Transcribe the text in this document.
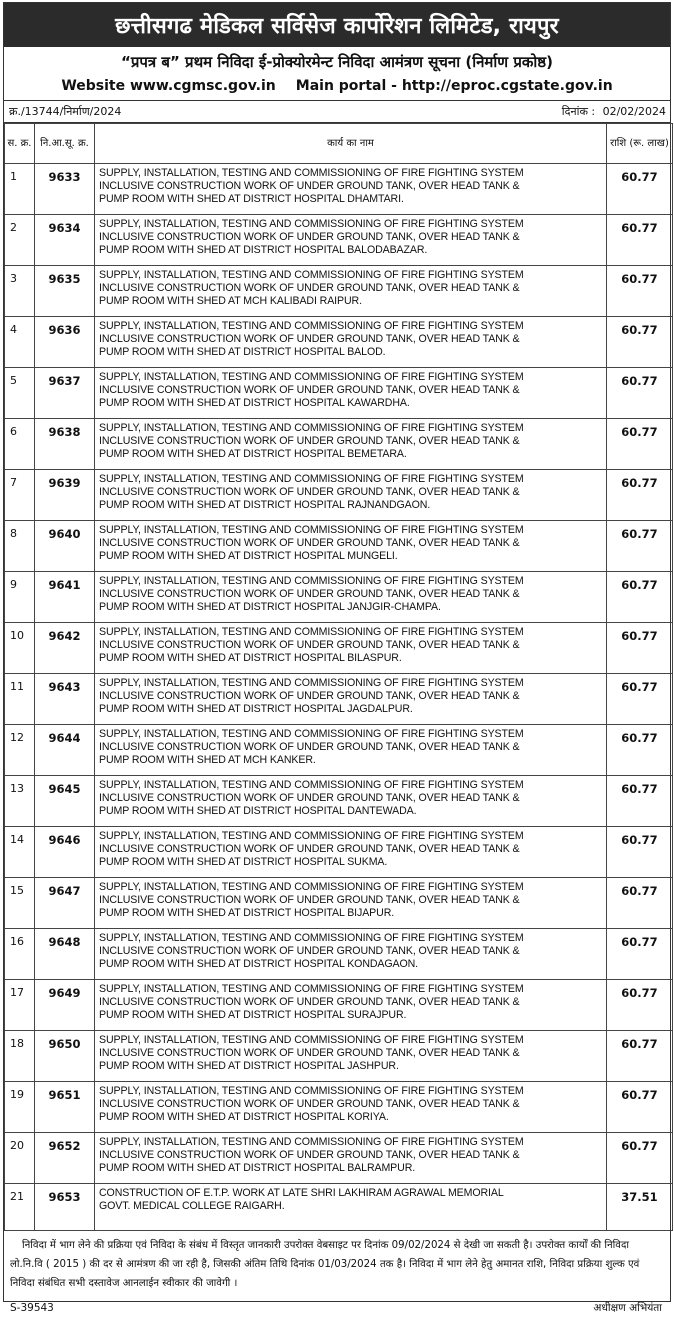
छत्तीसगढ मेडिकल सर्विसेज कार्पोरेशन लिमिटेड, रायपुर
“प्रपत्र ब” प्रथम निविदा ई-प्रोक्योरमेन्ट निविदा आमंत्रण सूचना (निर्माण प्रकोष्ठ)
Website www.cgmsc.gov.in Main portal - http://eproc.cgstate.gov.in
क्र./13744/निर्माण/2024	दिनांक : 02/02/2024
स. क्र.	नि.आ.सू. क्र.	कार्य का नाम	राशि (रू. लाख)
1	9633	SUPPLY, INSTALLATION, TESTING AND COMMISSIONING OF FIRE FIGHTING SYSTEM
INCLUSIVE CONSTRUCTION WORK OF UNDER GROUND TANK, OVER HEAD TANK &
PUMP ROOM WITH SHED AT DISTRICT HOSPITAL DHAMTARI.	60.77
2	9634	SUPPLY, INSTALLATION, TESTING AND COMMISSIONING OF FIRE FIGHTING SYSTEM
INCLUSIVE CONSTRUCTION WORK OF UNDER GROUND TANK, OVER HEAD TANK &
PUMP ROOM WITH SHED AT DISTRICT HOSPITAL BALODABAZAR.	60.77
3	9635	SUPPLY, INSTALLATION, TESTING AND COMMISSIONING OF FIRE FIGHTING SYSTEM
INCLUSIVE CONSTRUCTION WORK OF UNDER GROUND TANK, OVER HEAD TANK &
PUMP ROOM WITH SHED AT MCH KALIBADI RAIPUR.	60.77
4	9636	SUPPLY, INSTALLATION, TESTING AND COMMISSIONING OF FIRE FIGHTING SYSTEM
INCLUSIVE CONSTRUCTION WORK OF UNDER GROUND TANK, OVER HEAD TANK &
PUMP ROOM WITH SHED AT DISTRICT HOSPITAL BALOD.	60.77
5	9637	SUPPLY, INSTALLATION, TESTING AND COMMISSIONING OF FIRE FIGHTING SYSTEM
INCLUSIVE CONSTRUCTION WORK OF UNDER GROUND TANK, OVER HEAD TANK &
PUMP ROOM WITH SHED AT DISTRICT HOSPITAL KAWARDHA.	60.77
6	9638	SUPPLY, INSTALLATION, TESTING AND COMMISSIONING OF FIRE FIGHTING SYSTEM
INCLUSIVE CONSTRUCTION WORK OF UNDER GROUND TANK, OVER HEAD TANK &
PUMP ROOM WITH SHED AT DISTRICT HOSPITAL BEMETARA.	60.77
7	9639	SUPPLY, INSTALLATION, TESTING AND COMMISSIONING OF FIRE FIGHTING SYSTEM
INCLUSIVE CONSTRUCTION WORK OF UNDER GROUND TANK, OVER HEAD TANK &
PUMP ROOM WITH SHED AT DISTRICT HOSPITAL RAJNANDGAON.	60.77
8	9640	SUPPLY, INSTALLATION, TESTING AND COMMISSIONING OF FIRE FIGHTING SYSTEM
INCLUSIVE CONSTRUCTION WORK OF UNDER GROUND TANK, OVER HEAD TANK &
PUMP ROOM WITH SHED AT DISTRICT HOSPITAL MUNGELI.	60.77
9	9641	SUPPLY, INSTALLATION, TESTING AND COMMISSIONING OF FIRE FIGHTING SYSTEM
INCLUSIVE CONSTRUCTION WORK OF UNDER GROUND TANK, OVER HEAD TANK &
PUMP ROOM WITH SHED AT DISTRICT HOSPITAL JANJGIR-CHAMPA.	60.77
10	9642	SUPPLY, INSTALLATION, TESTING AND COMMISSIONING OF FIRE FIGHTING SYSTEM
INCLUSIVE CONSTRUCTION WORK OF UNDER GROUND TANK, OVER HEAD TANK &
PUMP ROOM WITH SHED AT DISTRICT HOSPITAL BILASPUR.	60.77
11	9643	SUPPLY, INSTALLATION, TESTING AND COMMISSIONING OF FIRE FIGHTING SYSTEM
INCLUSIVE CONSTRUCTION WORK OF UNDER GROUND TANK, OVER HEAD TANK &
PUMP ROOM WITH SHED AT DISTRICT HOSPITAL JAGDALPUR.	60.77
12	9644	SUPPLY, INSTALLATION, TESTING AND COMMISSIONING OF FIRE FIGHTING SYSTEM
INCLUSIVE CONSTRUCTION WORK OF UNDER GROUND TANK, OVER HEAD TANK &
PUMP ROOM WITH SHED AT MCH KANKER.	60.77
13	9645	SUPPLY, INSTALLATION, TESTING AND COMMISSIONING OF FIRE FIGHTING SYSTEM
INCLUSIVE CONSTRUCTION WORK OF UNDER GROUND TANK, OVER HEAD TANK &
PUMP ROOM WITH SHED AT DISTRICT HOSPITAL DANTEWADA.	60.77
14	9646	SUPPLY, INSTALLATION, TESTING AND COMMISSIONING OF FIRE FIGHTING SYSTEM
INCLUSIVE CONSTRUCTION WORK OF UNDER GROUND TANK, OVER HEAD TANK &
PUMP ROOM WITH SHED AT DISTRICT HOSPITAL SUKMA.	60.77
15	9647	SUPPLY, INSTALLATION, TESTING AND COMMISSIONING OF FIRE FIGHTING SYSTEM
INCLUSIVE CONSTRUCTION WORK OF UNDER GROUND TANK, OVER HEAD TANK &
PUMP ROOM WITH SHED AT DISTRICT HOSPITAL BIJAPUR.	60.77
16	9648	SUPPLY, INSTALLATION, TESTING AND COMMISSIONING OF FIRE FIGHTING SYSTEM
INCLUSIVE CONSTRUCTION WORK OF UNDER GROUND TANK, OVER HEAD TANK &
PUMP ROOM WITH SHED AT DISTRICT HOSPITAL KONDAGAON.	60.77
17	9649	SUPPLY, INSTALLATION, TESTING AND COMMISSIONING OF FIRE FIGHTING SYSTEM
INCLUSIVE CONSTRUCTION WORK OF UNDER GROUND TANK, OVER HEAD TANK &
PUMP ROOM WITH SHED AT DISTRICT HOSPITAL SURAJPUR.	60.77
18	9650	SUPPLY, INSTALLATION, TESTING AND COMMISSIONING OF FIRE FIGHTING SYSTEM
INCLUSIVE CONSTRUCTION WORK OF UNDER GROUND TANK, OVER HEAD TANK &
PUMP ROOM WITH SHED AT DISTRICT HOSPITAL JASHPUR.	60.77
19	9651	SUPPLY, INSTALLATION, TESTING AND COMMISSIONING OF FIRE FIGHTING SYSTEM
INCLUSIVE CONSTRUCTION WORK OF UNDER GROUND TANK, OVER HEAD TANK &
PUMP ROOM WITH SHED AT DISTRICT HOSPITAL KORIYA.	60.77
20	9652	SUPPLY, INSTALLATION, TESTING AND COMMISSIONING OF FIRE FIGHTING SYSTEM
INCLUSIVE CONSTRUCTION WORK OF UNDER GROUND TANK, OVER HEAD TANK &
PUMP ROOM WITH SHED AT DISTRICT HOSPITAL BALRAMPUR.	60.77
21	9653	CONSTRUCTION OF E.T.P. WORK AT LATE SHRI LAKHIRAM AGRAWAL MEMORIAL
GOVT. MEDICAL COLLEGE RAIGARH.	37.51

निविदा में भाग लेने की प्रक्रिया एवं निविदा के संबंध में विस्तृत जानकारी उपरोक्त वेबसाइट पर दिनांक 09/02/2024 से देखी जा सकती है। उपरोक्त कार्यों की निविदा लो.नि.वि ( 2015 ) की दर से आमंत्रण की जा रही है, जिसकी अंतिम तिथि दिनांक 01/03/2024 तक है। निविदा में भाग लेने हेतु अमानत राशि, निविदा प्रक्रिया शुल्क एवं निविदा संबंधित सभी दस्तावेज आनलाईन स्वीकार की जावेगी ।

S-39543	अधीक्षण अभियंता
